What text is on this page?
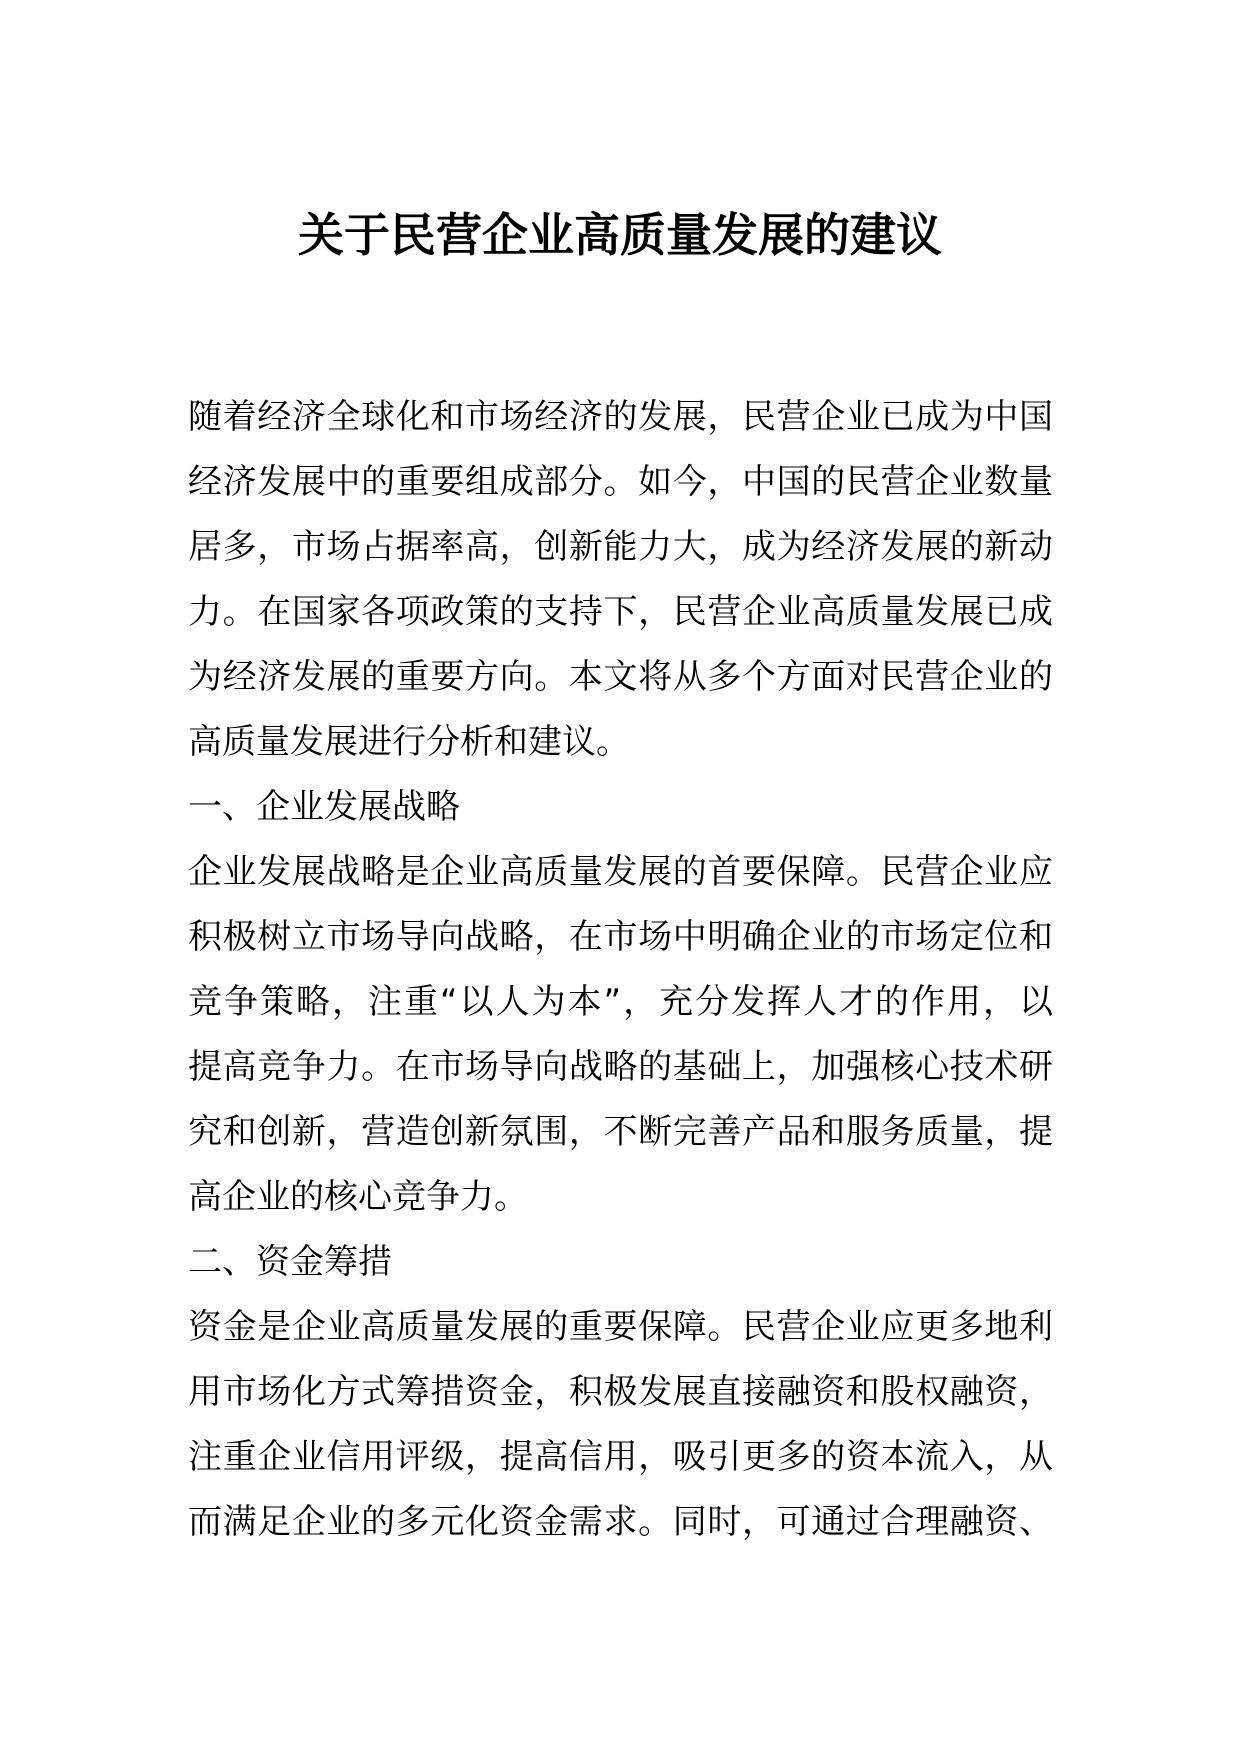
关于民营企业高质量发展的建议
随着经济全球化和市场经济的发展，民营企业已成为中国
经济发展中的重要组成部分。如今，中国的民营企业数量
居多，市场占据率高，创新能力大，成为经济发展的新动
力。在国家各项政策的支持下，民营企业高质量发展已成
为经济发展的重要方向。本文将从多个方面对民营企业的
高质量发展进行分析和建议。
一、企业发展战略
企业发展战略是企业高质量发展的首要保障。民营企业应
积极树立市场导向战略，在市场中明确企业的市场定位和
竞争策略，注重“以人为本”，充分发挥人才的作用，以
提高竞争力。在市场导向战略的基础上，加强核心技术研
究和创新，营造创新氛围，不断完善产品和服务质量，提
高企业的核心竞争力。
二、资金筹措
资金是企业高质量发展的重要保障。民营企业应更多地利
用市场化方式筹措资金，积极发展直接融资和股权融资，
注重企业信用评级，提高信用，吸引更多的资本流入，从
而满足企业的多元化资金需求。同时，可通过合理融资、
